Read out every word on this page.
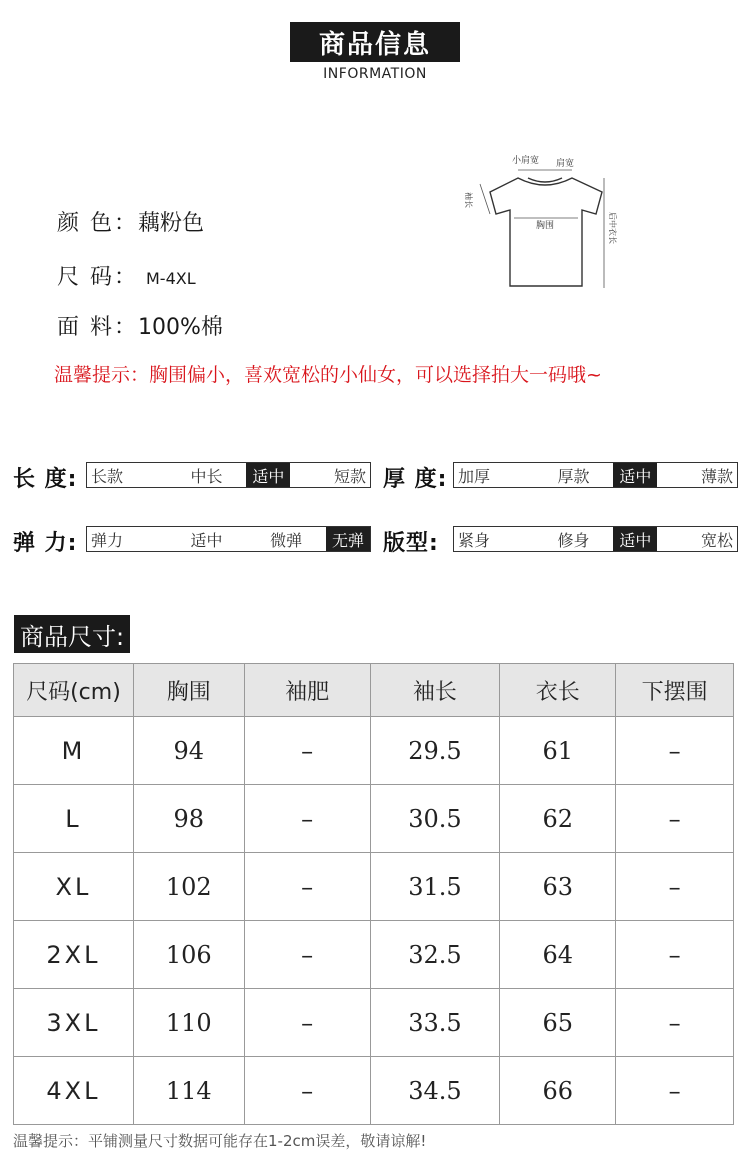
商品信息
INFORMATION
小肩宽 肩宽
胸围
袖长
后中衣长
颜 色：藕粉色
尺 码： M-4XL
面 料：100%棉
温馨提示：胸围偏小，喜欢宽松的小仙女，可以选择拍大一码哦~
长 度: 长款	中长	适中	短款 厚 度: 加厚	厚款	适中	薄款
弹 力: 弹力	适中	微弹	无弹 版型: 紧身	修身	适中	宽松
商品尺寸:
尺码(cm)	胸围	袖肥	袖长	衣长	下摆围
M	94	–	29.5	61	–
L	98	–	30.5	62	–
XL	102	–	31.5	63	–
2XL	106	–	32.5	64	–
3XL	110	–	33.5	65	–
4XL	114	–	34.5	66	–
温馨提示：平铺测量尺寸数据可能存在1-2cm误差，敬请谅解!
